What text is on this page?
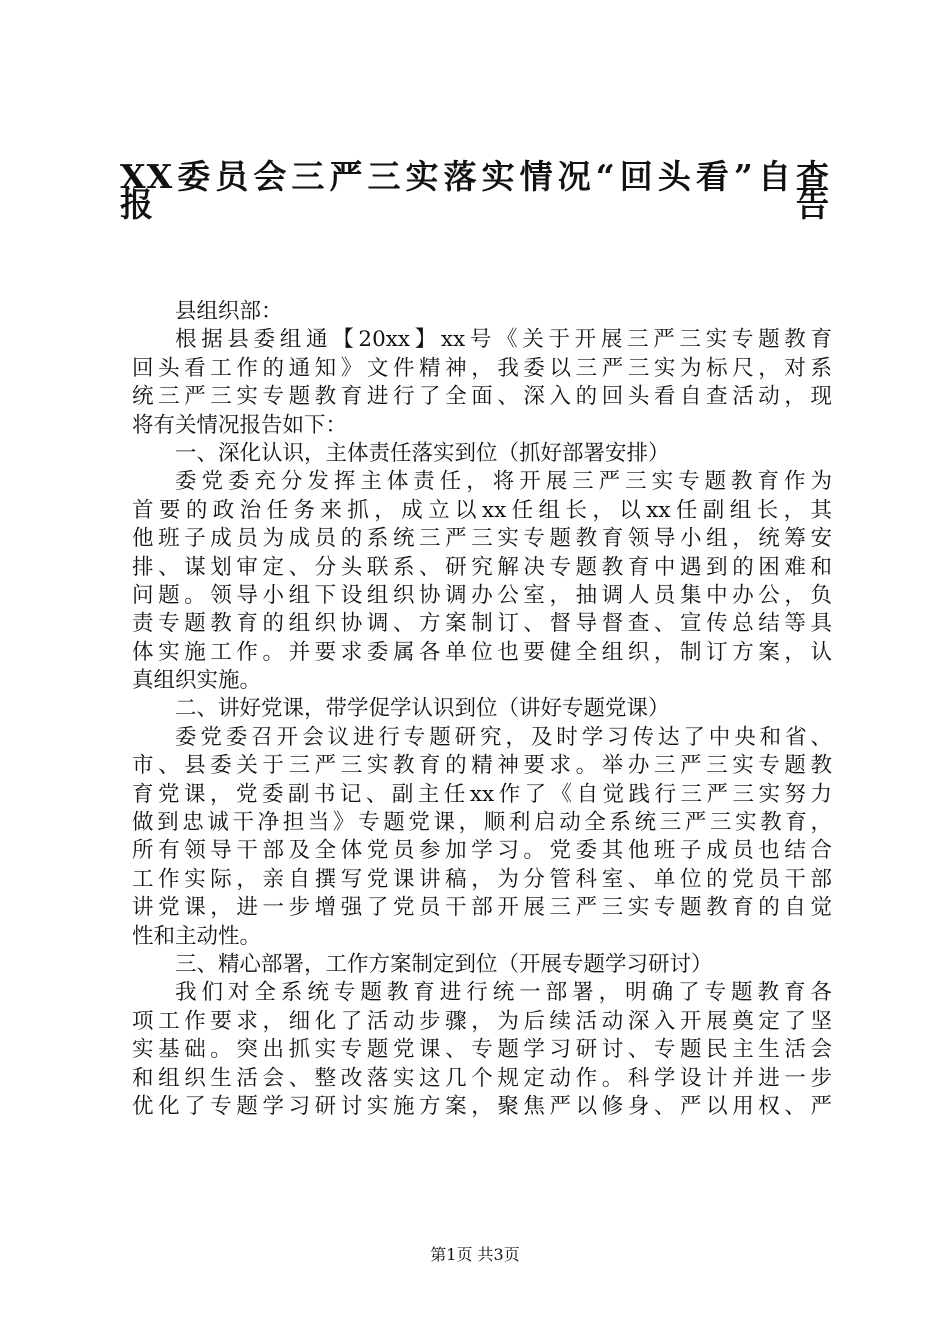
XX委员会三严三实落实情况“回头看”自查
报告
县组织部：
根据县委组通【20xx】xx号《关于开展三严三实专题教育
回头看工作的通知》文件精神，我委以三严三实为标尺，对系
统三严三实专题教育进行了全面、深入的回头看自查活动，现
将有关情况报告如下：
一、深化认识，主体责任落实到位（抓好部署安排）
委党委充分发挥主体责任，将开展三严三实专题教育作为
首要的政治任务来抓，成立以xx任组长，以xx任副组长，其
他班子成员为成员的系统三严三实专题教育领导小组，统筹安
排、谋划审定、分头联系、研究解决专题教育中遇到的困难和
问题。领导小组下设组织协调办公室，抽调人员集中办公，负
责专题教育的组织协调、方案制订、督导督查、宣传总结等具
体实施工作。并要求委属各单位也要健全组织，制订方案，认
真组织实施。
二、讲好党课，带学促学认识到位（讲好专题党课）
委党委召开会议进行专题研究，及时学习传达了中央和省、
市、县委关于三严三实教育的精神要求。举办三严三实专题教
育党课，党委副书记、副主任xx作了《自觉践行三严三实努力
做到忠诚干净担当》专题党课，顺利启动全系统三严三实教育，
所有领导干部及全体党员参加学习。党委其他班子成员也结合
工作实际，亲自撰写党课讲稿，为分管科室、单位的党员干部
讲党课，进一步增强了党员干部开展三严三实专题教育的自觉
性和主动性。
三、精心部署，工作方案制定到位（开展专题学习研讨）
我们对全系统专题教育进行统一部署，明确了专题教育各
项工作要求，细化了活动步骤，为后续活动深入开展奠定了坚
实基础。突出抓实专题党课、专题学习研讨、专题民主生活会
和组织生活会、整改落实这几个规定动作。科学设计并进一步
优化了专题学习研讨实施方案，聚焦严以修身、严以用权、严
第1页 共3页
